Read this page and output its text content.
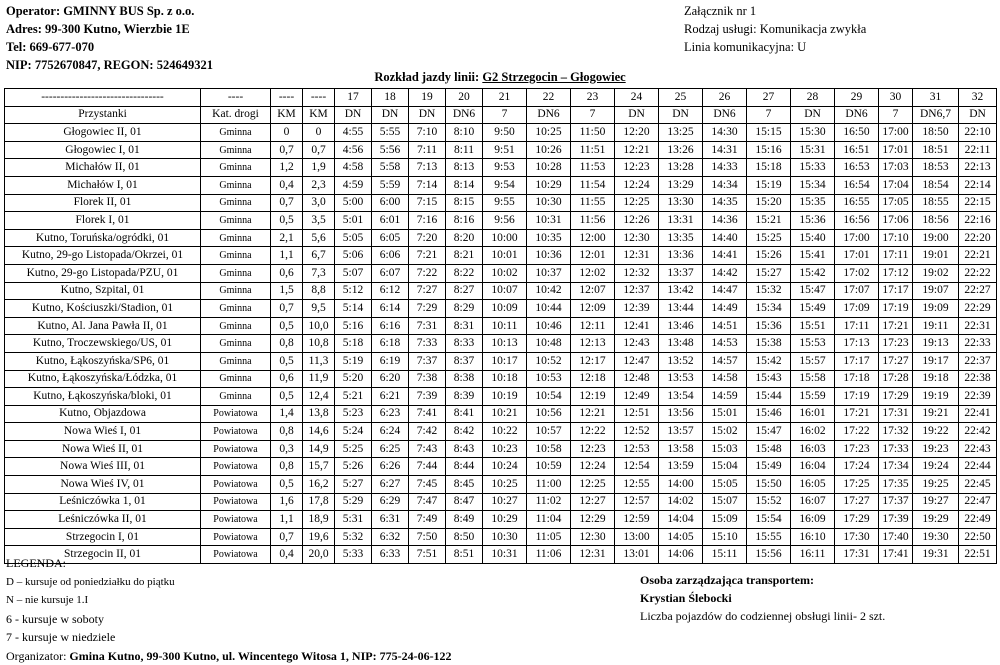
Operator: GMINNY BUS Sp. z o.o.
Adres: 99-300 Kutno, Wierzbie 1E
Tel: 669-677-070
NIP: 7752670847, REGON: 524649321
Załącznik nr 1
Rodzaj usługi: Komunikacja zwykła
Linia komunikacyjna: U
Rozkład jazdy linii: G2 Strzegocin – Głogowiec
--------------------------------	----	----	----	17	18	19	20	21	22	23	24	25	26	27	28	29	30	31	32
Przystanki	Kat. drogi	KM	KM	DN	DN	DN	DN6	7	DN6	7	DN	DN	DN6	7	DN	DN6	7	DN6,7	DN
Głogowiec II, 01	Gminna	0	0	4:55	5:55	7:10	8:10	9:50	10:25	11:50	12:20	13:25	14:30	15:15	15:30	16:50	17:00	18:50	22:10
Głogowiec I, 01	Gminna	0,7	0,7	4:56	5:56	7:11	8:11	9:51	10:26	11:51	12:21	13:26	14:31	15:16	15:31	16:51	17:01	18:51	22:11
Michałów II, 01	Gminna	1,2	1,9	4:58	5:58	7:13	8:13	9:53	10:28	11:53	12:23	13:28	14:33	15:18	15:33	16:53	17:03	18:53	22:13
Michałów I, 01	Gminna	0,4	2,3	4:59	5:59	7:14	8:14	9:54	10:29	11:54	12:24	13:29	14:34	15:19	15:34	16:54	17:04	18:54	22:14
Florek II, 01	Gminna	0,7	3,0	5:00	6:00	7:15	8:15	9:55	10:30	11:55	12:25	13:30	14:35	15:20	15:35	16:55	17:05	18:55	22:15
Florek I, 01	Gminna	0,5	3,5	5:01	6:01	7:16	8:16	9:56	10:31	11:56	12:26	13:31	14:36	15:21	15:36	16:56	17:06	18:56	22:16
Kutno, Toruńska/ogródki, 01	Gminna	2,1	5,6	5:05	6:05	7:20	8:20	10:00	10:35	12:00	12:30	13:35	14:40	15:25	15:40	17:00	17:10	19:00	22:20
Kutno, 29-go Listopada/Okrzei, 01	Gminna	1,1	6,7	5:06	6:06	7:21	8:21	10:01	10:36	12:01	12:31	13:36	14:41	15:26	15:41	17:01	17:11	19:01	22:21
Kutno, 29-go Listopada/PZU, 01	Gminna	0,6	7,3	5:07	6:07	7:22	8:22	10:02	10:37	12:02	12:32	13:37	14:42	15:27	15:42	17:02	17:12	19:02	22:22
Kutno, Szpital, 01	Gminna	1,5	8,8	5:12	6:12	7:27	8:27	10:07	10:42	12:07	12:37	13:42	14:47	15:32	15:47	17:07	17:17	19:07	22:27
Kutno, Kościuszki/Stadion, 01	Gminna	0,7	9,5	5:14	6:14	7:29	8:29	10:09	10:44	12:09	12:39	13:44	14:49	15:34	15:49	17:09	17:19	19:09	22:29
Kutno, Al. Jana Pawła II, 01	Gminna	0,5	10,0	5:16	6:16	7:31	8:31	10:11	10:46	12:11	12:41	13:46	14:51	15:36	15:51	17:11	17:21	19:11	22:31
Kutno, Troczewskiego/US, 01	Gminna	0,8	10,8	5:18	6:18	7:33	8:33	10:13	10:48	12:13	12:43	13:48	14:53	15:38	15:53	17:13	17:23	19:13	22:33
Kutno, Łąkoszyńska/SP6, 01	Gminna	0,5	11,3	5:19	6:19	7:37	8:37	10:17	10:52	12:17	12:47	13:52	14:57	15:42	15:57	17:17	17:27	19:17	22:37
Kutno, Łąkoszyńska/Łódzka, 01	Gminna	0,6	11,9	5:20	6:20	7:38	8:38	10:18	10:53	12:18	12:48	13:53	14:58	15:43	15:58	17:18	17:28	19:18	22:38
Kutno, Łąkoszyńska/bloki, 01	Gminna	0,5	12,4	5:21	6:21	7:39	8:39	10:19	10:54	12:19	12:49	13:54	14:59	15:44	15:59	17:19	17:29	19:19	22:39
Kutno, Objazdowa	Powiatowa	1,4	13,8	5:23	6:23	7:41	8:41	10:21	10:56	12:21	12:51	13:56	15:01	15:46	16:01	17:21	17:31	19:21	22:41
Nowa Wieś I, 01	Powiatowa	0,8	14,6	5:24	6:24	7:42	8:42	10:22	10:57	12:22	12:52	13:57	15:02	15:47	16:02	17:22	17:32	19:22	22:42
Nowa Wieś II, 01	Powiatowa	0,3	14,9	5:25	6:25	7:43	8:43	10:23	10:58	12:23	12:53	13:58	15:03	15:48	16:03	17:23	17:33	19:23	22:43
Nowa Wieś III, 01	Powiatowa	0,8	15,7	5:26	6:26	7:44	8:44	10:24	10:59	12:24	12:54	13:59	15:04	15:49	16:04	17:24	17:34	19:24	22:44
Nowa Wieś IV, 01	Powiatowa	0,5	16,2	5:27	6:27	7:45	8:45	10:25	11:00	12:25	12:55	14:00	15:05	15:50	16:05	17:25	17:35	19:25	22:45
Leśniczówka 1, 01	Powiatowa	1,6	17,8	5:29	6:29	7:47	8:47	10:27	11:02	12:27	12:57	14:02	15:07	15:52	16:07	17:27	17:37	19:27	22:47
Leśniczówka II, 01	Powiatowa	1,1	18,9	5:31	6:31	7:49	8:49	10:29	11:04	12:29	12:59	14:04	15:09	15:54	16:09	17:29	17:39	19:29	22:49
Strzegocin I, 01	Powiatowa	0,7	19,6	5:32	6:32	7:50	8:50	10:30	11:05	12:30	13:00	14:05	15:10	15:55	16:10	17:30	17:40	19:30	22:50
Strzegocin II, 01	Powiatowa	0,4	20,0	5:33	6:33	7:51	8:51	10:31	11:06	12:31	13:01	14:06	15:11	15:56	16:11	17:31	17:41	19:31	22:51
LEGENDA:
D – kursuje od poniedziałku do piątku
N – nie kursuje 1.I
6 - kursuje w soboty
7 - kursuje w niedziele
Organizator: Gmina Kutno, 99-300 Kutno, ul. Wincentego Witosa 1, NIP: 775-24-06-122
Osoba zarządzająca transportem:
Krystian Ślebocki
Liczba pojazdów do codziennej obsługi linii- 2 szt.
